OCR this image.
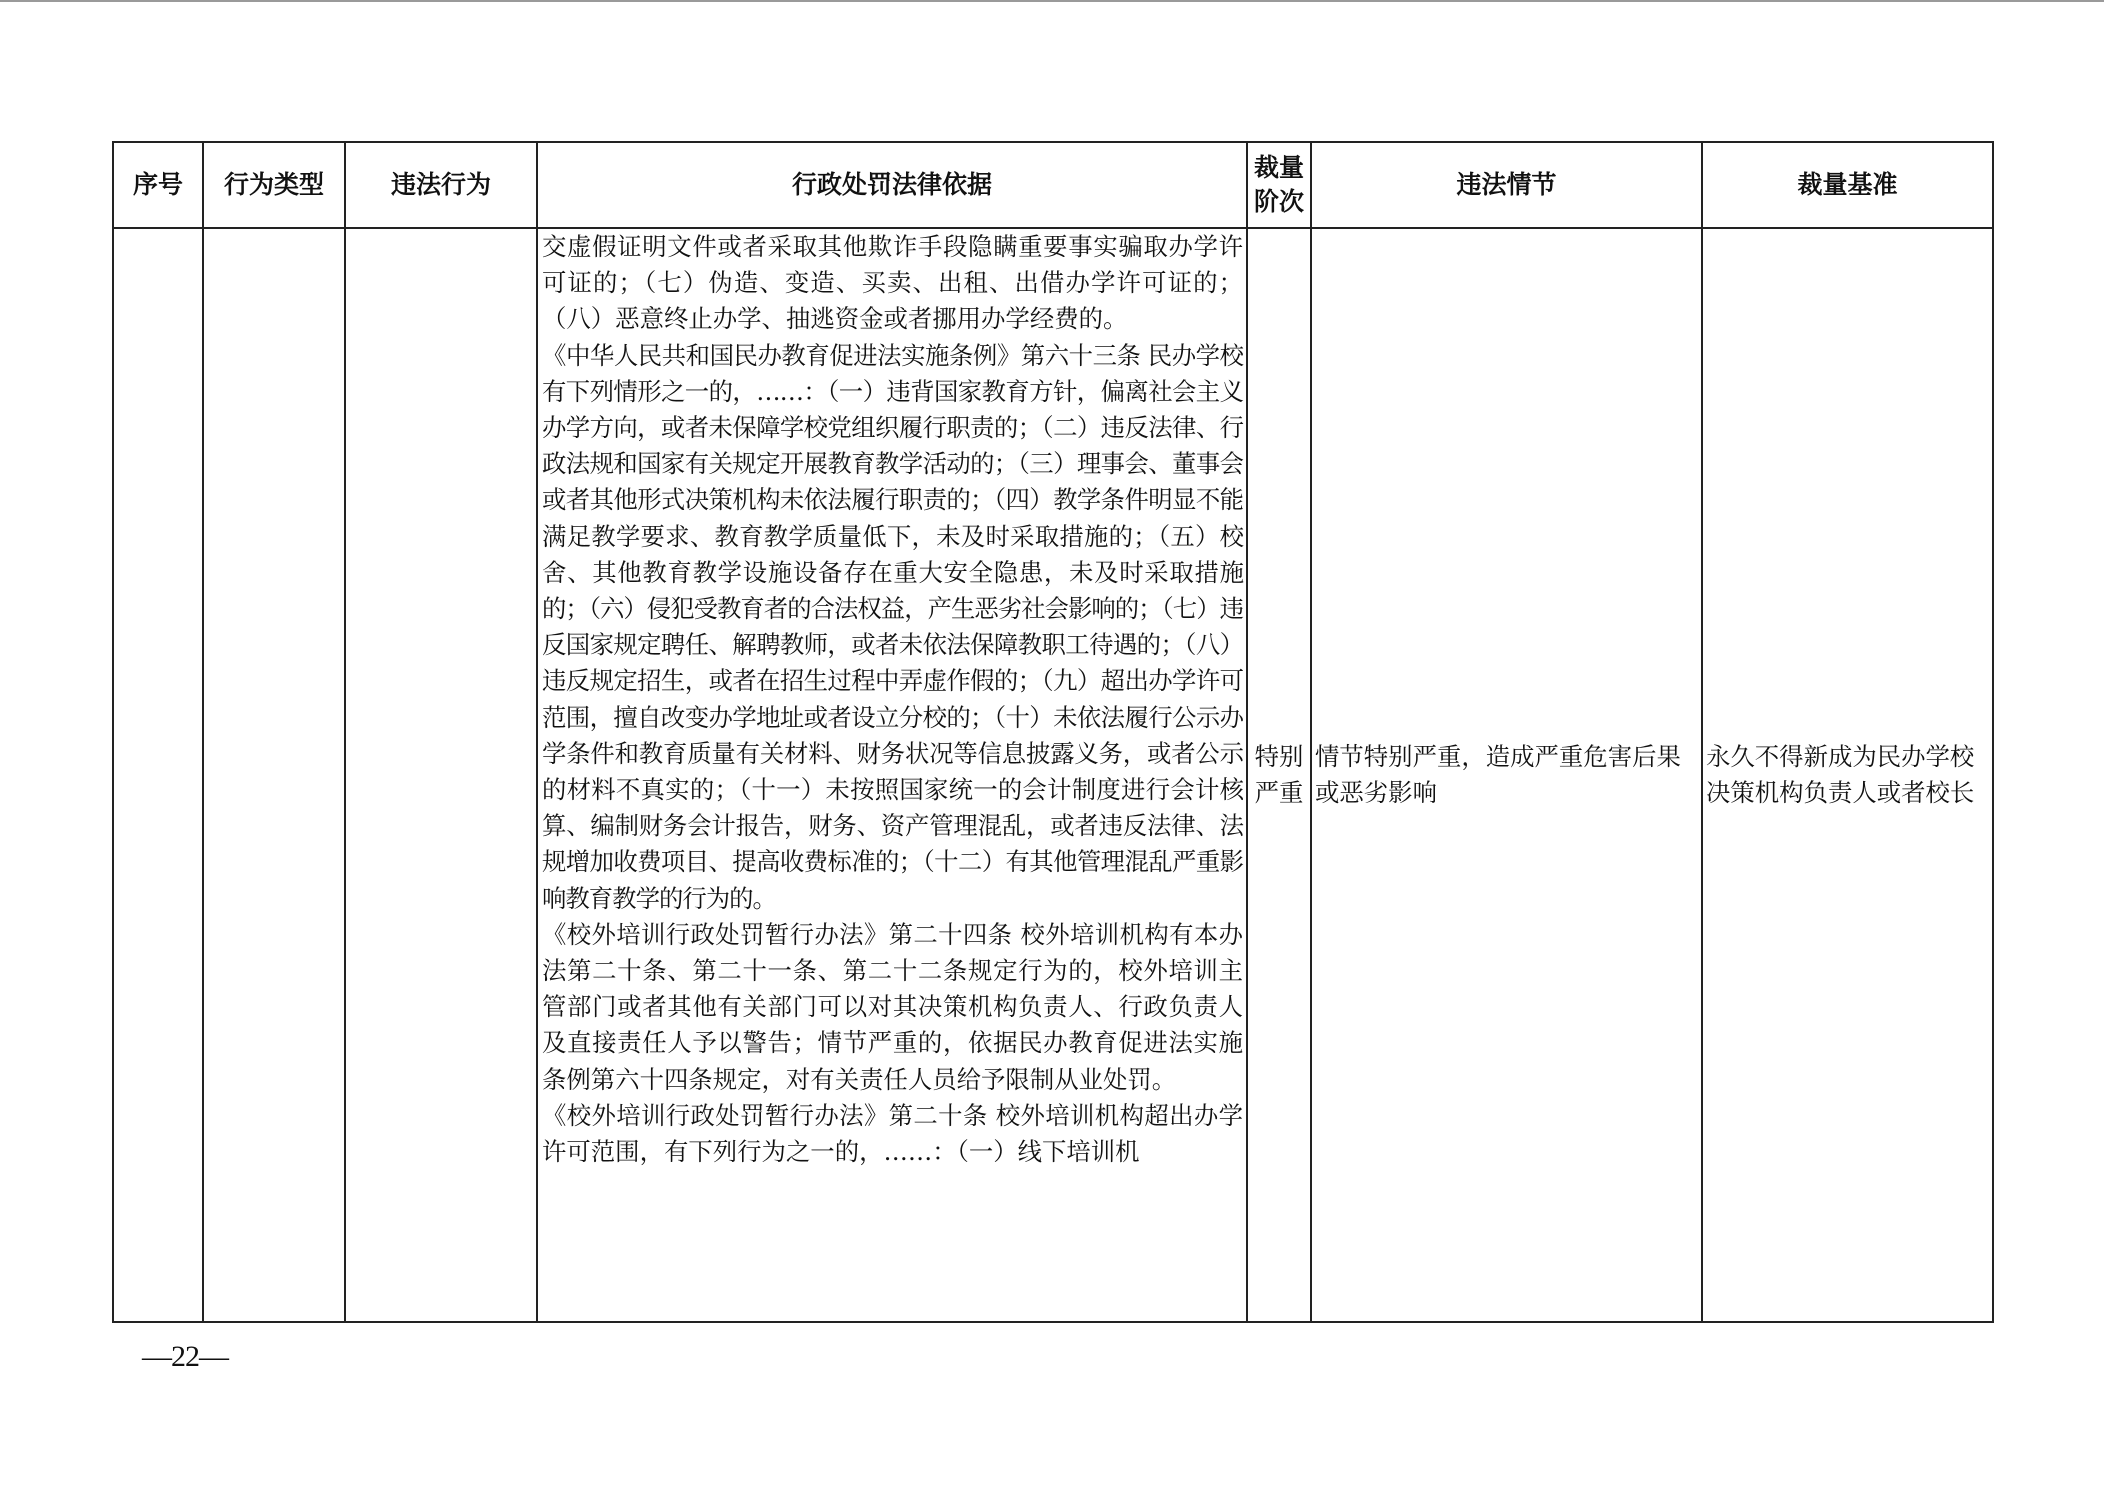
序号	行为类型	违法行为	行政处罚法律依据	裁量阶次	违法情节	裁量基准

			交虚假证明文件或者采取其他欺诈手段隐瞒重要事实骗取办学许可证的；（七）伪造、变造、买卖、出租、出借办学许可证的；（八）恶意终止办学、抽逃资金或者挪用办学经费的。
《中华人民共和国民办教育促进法实施条例》第六十三条 民办学校有下列情形之一的，……：（一）违背国家教育方针，偏离社会主义办学方向，或者未保障学校党组织履行职责的；（二）违反法律、行政法规和国家有关规定开展教育教学活动的；（三）理事会、董事会或者其他形式决策机构未依法履行职责的；（四）教学条件明显不能满足教学要求、教育教学质量低下，未及时采取措施的；（五）校舍、其他教育教学设施设备存在重大安全隐患，未及时采取措施的；（六）侵犯受教育者的合法权益，产生恶劣社会影响的；（七）违反国家规定聘任、解聘教师，或者未依法保障教职工待遇的；（八）违反规定招生，或者在招生过程中弄虚作假的；（九）超出办学许可范围，擅自改变办学地址或者设立分校的；（十）未依法履行公示办学条件和教育质量有关材料、财务状况等信息披露义务，或者公示的材料不真实的；（十一）未按照国家统一的会计制度进行会计核算、编制财务会计报告，财务、资产管理混乱，或者违反法律、法规增加收费项目、提高收费标准的；（十二）有其他管理混乱严重影响教育教学的行为的。
《校外培训行政处罚暂行办法》第二十四条 校外培训机构有本办法第二十条、第二十一条、第二十二条规定行为的，校外培训主管部门或者其他有关部门可以对其决策机构负责人、行政负责人及直接责任人予以警告；情节严重的，依据民办教育促进法实施条例第六十四条规定，对有关责任人员给予限制从业处罚。
《校外培训行政处罚暂行办法》第二十条 校外培训机构超出办学许可范围，有下列行为之一的，……：（一）线下培训机	特别严重	情节特别严重，造成严重危害后果或恶劣影响	永久不得新成为民办学校决策机构负责人或者校长
—22—
